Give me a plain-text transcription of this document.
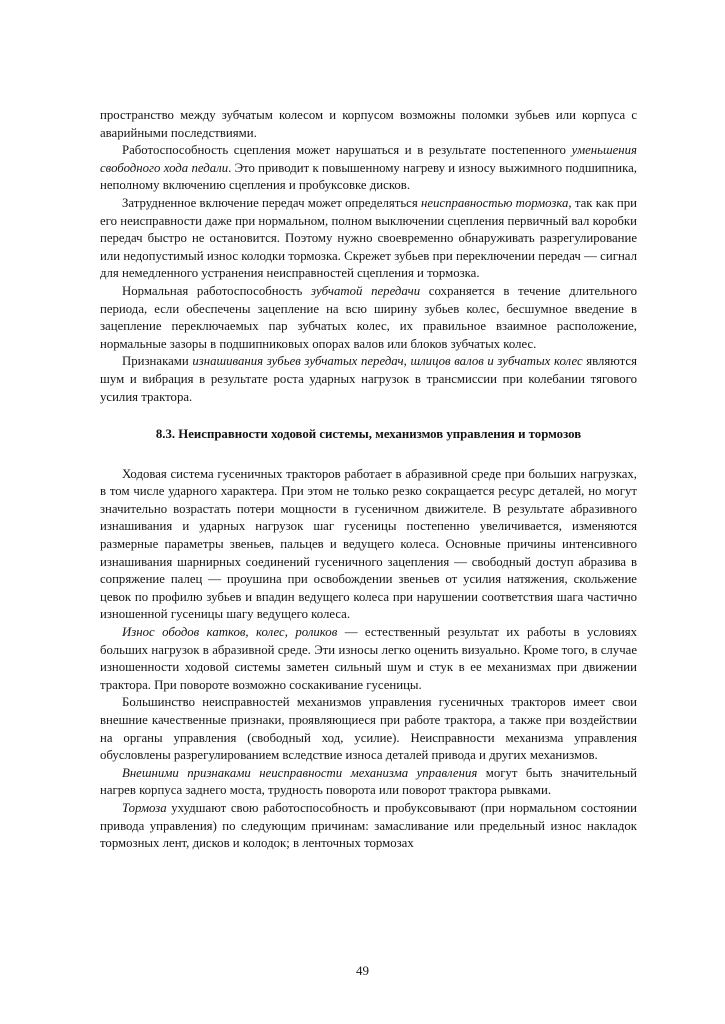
пространство между зубчатым колесом и корпусом возможны поломки зубьев или корпуса с аварийными последствиями.

Работоспособность сцепления может нарушаться и в результате постепенного уменьшения свободного хода педали. Это приводит к повышенному нагреву и износу выжимного подшипника, неполному включению сцепления и пробуксовке дисков.

Затрудненное включение передач может определяться неисправностью тормозка, так как при его неисправности даже при нормальном, полном выключении сцепления первичный вал коробки передач быстро не остановится. Поэтому нужно своевременно обнаруживать разрегулирование или недопустимый износ колодки тормозка. Скрежет зубьев при переключении передач — сигнал для немедленного устранения неисправностей сцепления и тормозка.

Нормальная работоспособность зубчатой передачи сохраняется в течение длительного периода, если обеспечены зацепление на всю ширину зубьев колес, бесшумное введение в зацепление переключаемых пар зубчатых колес, их правильное взаимное расположение, нормальные зазоры в подшипниковых опорах валов или блоков зубчатых колес.

Признаками изнашивания зубьев зубчатых передач, шлицов валов и зубчатых колес являются шум и вибрация в результате роста ударных нагрузок в трансмиссии при колебании тягового усилия трактора.

8.3. Неисправности ходовой системы, механизмов управления и тормозов

Ходовая система гусеничных тракторов работает в абразивной среде при больших нагрузках, в том числе ударного характера. При этом не только резко сокращается ресурс деталей, но могут значительно возрастать потери мощности в гусеничном движителе. В результате абразивного изнашивания и ударных нагрузок шаг гусеницы постепенно увеличивается, изменяются размерные параметры звеньев, пальцев и ведущего колеса. Основные причины интенсивного изнашивания шарнирных соединений гусеничного зацепления — свободный доступ абразива в сопряжение палец — проушина при освобождении звеньев от усилия натяжения, скольжение цевок по профилю зубьев и впадин ведущего колеса при нарушении соответствия шага частично изношенной гусеницы шагу ведущего колеса.

Износ ободов катков, колес, роликов — естественный результат их работы в условиях больших нагрузок в абразивной среде. Эти износы легко оценить визуально. Кроме того, в случае изношенности ходовой системы заметен сильный шум и стук в ее механизмах при движении трактора. При повороте возможно соскакивание гусеницы.

Большинство неисправностей механизмов управления гусеничных тракторов имеет свои внешние качественные признаки, проявляющиеся при работе трактора, а также при воздействии на органы управления (свободный ход, усилие). Неисправности механизма управления обусловлены разрегулированием вследствие износа деталей привода и других механизмов.

Внешними признаками неисправности механизма управления могут быть значительный нагрев корпуса заднего моста, трудность поворота или поворот трактора рывками.

Тормоза ухудшают свою работоспособность и пробуксовывают (при нормальном состоянии привода управления) по следующим причинам: замасливание или предельный износ накладок тормозных лент, дисков и колодок; в ленточных тормозах

49
